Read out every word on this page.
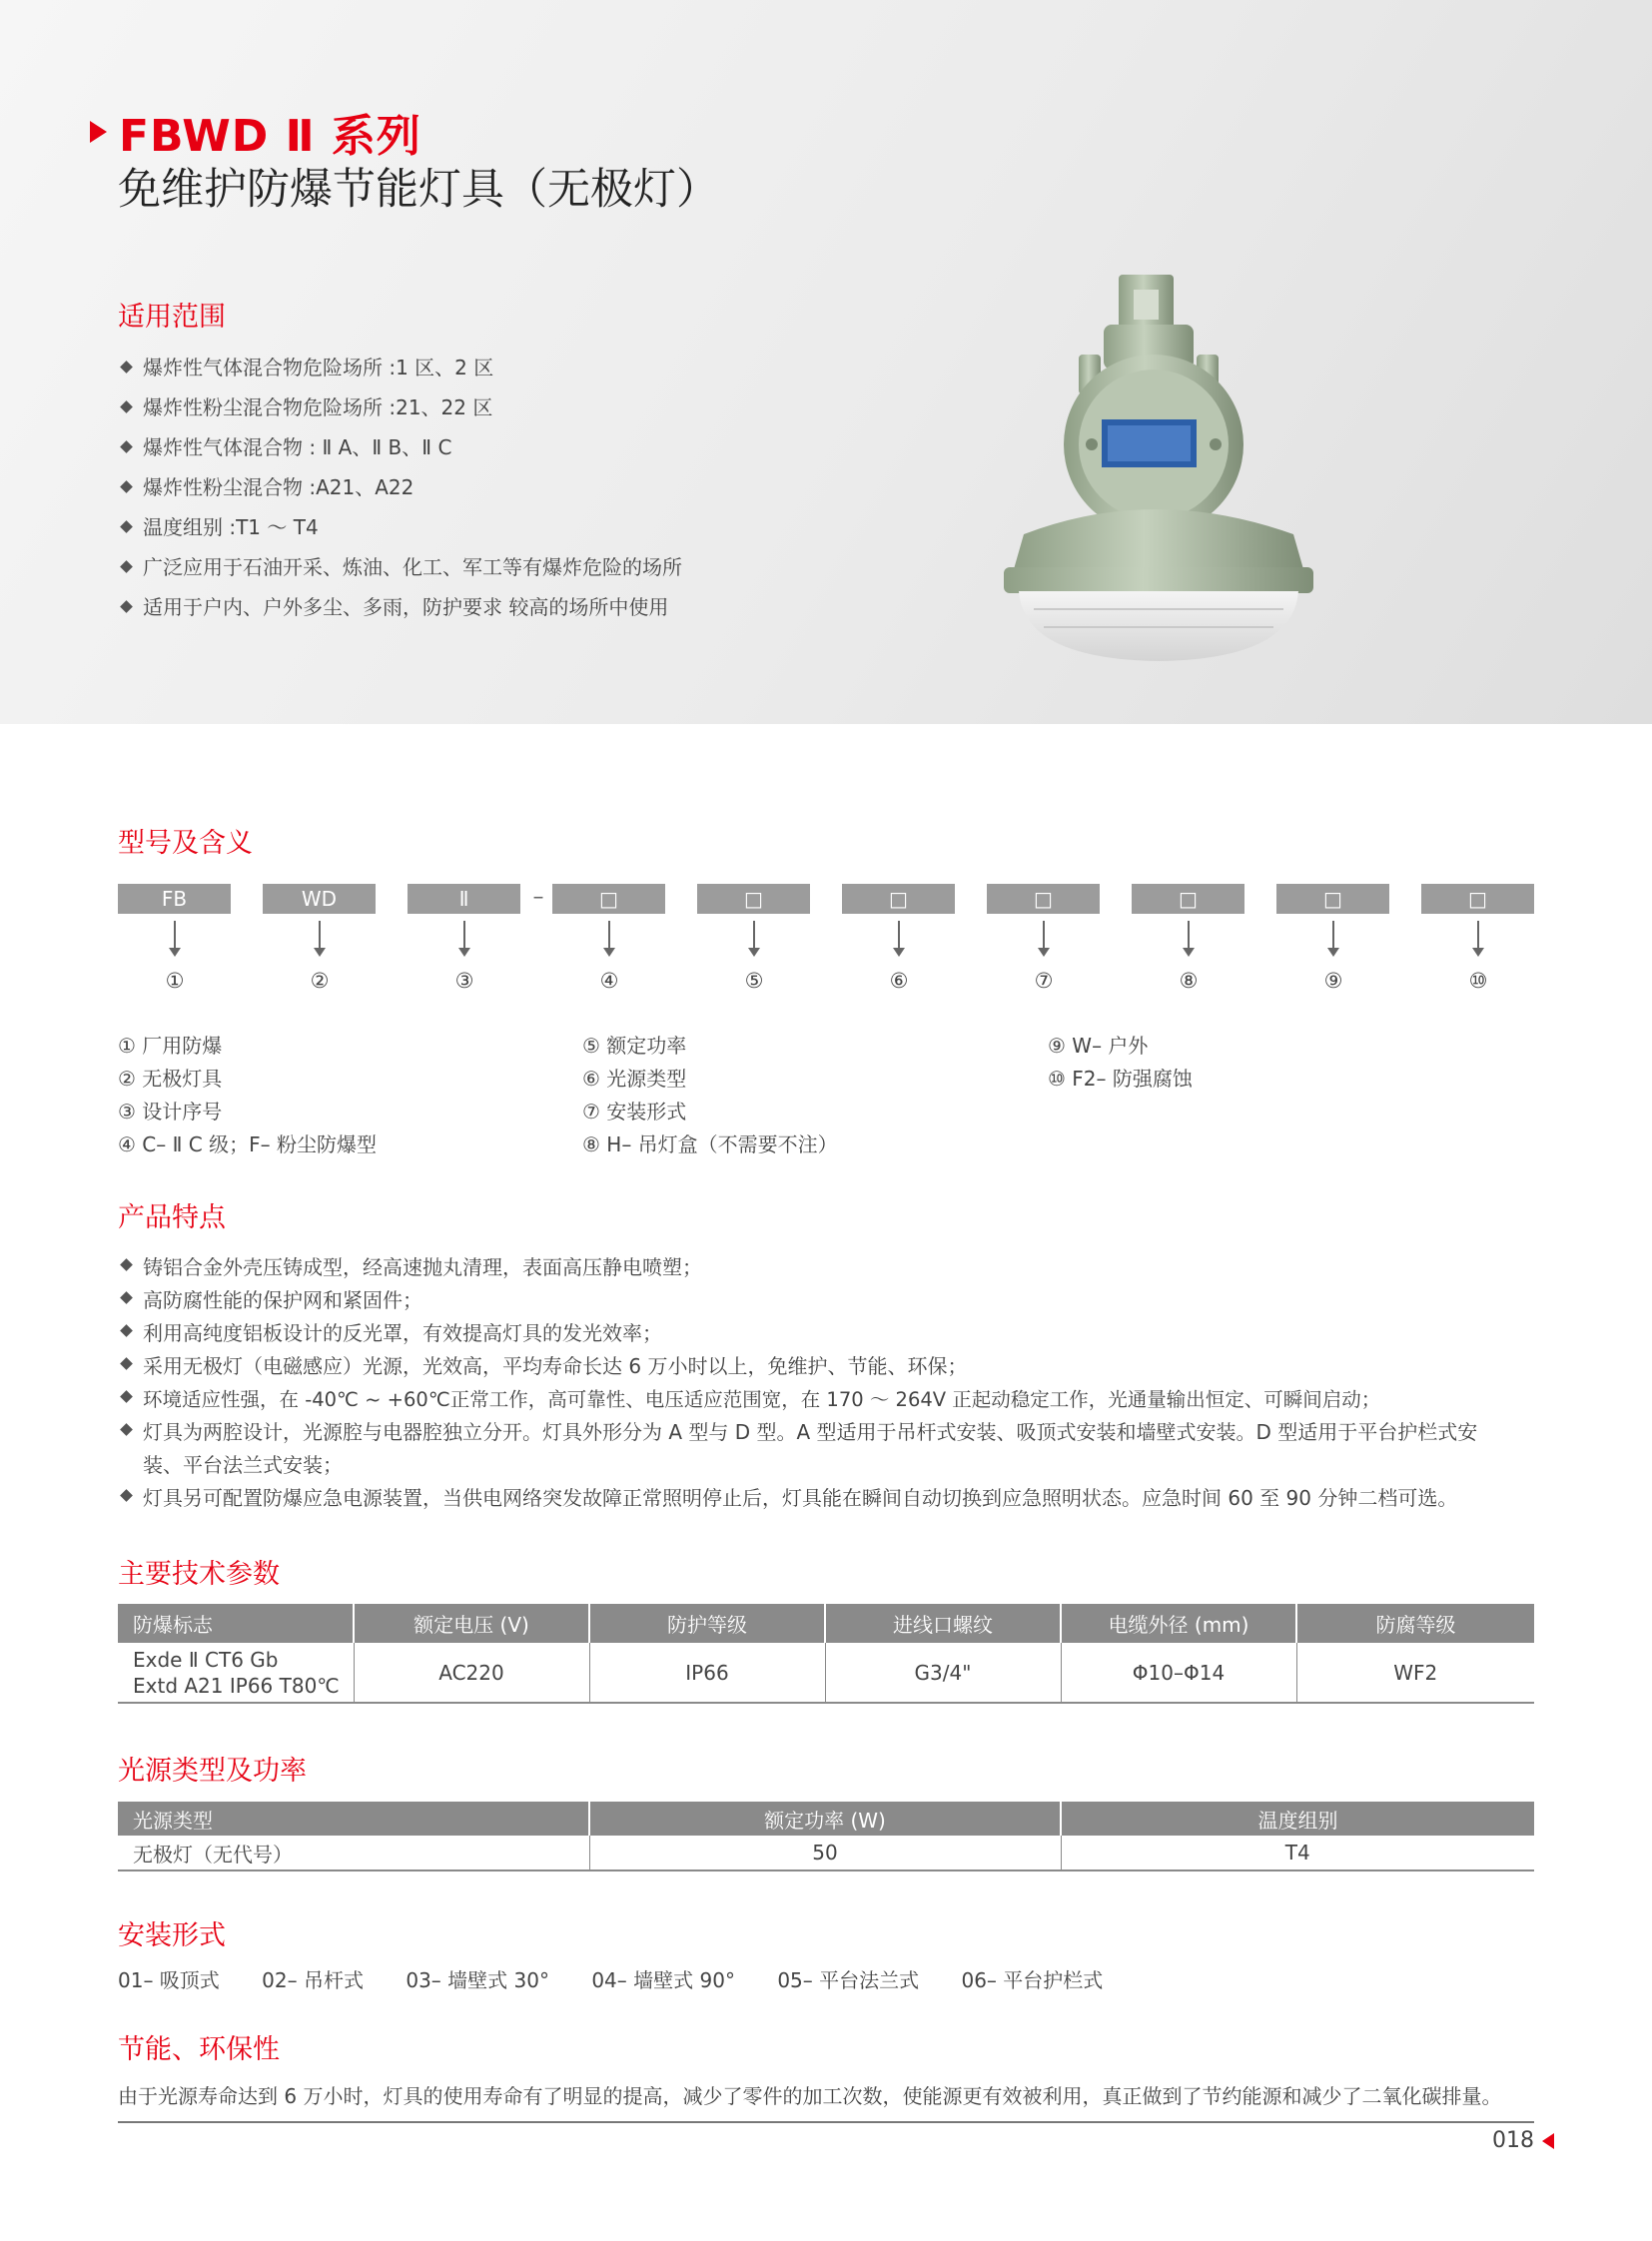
FBWD Ⅱ 系列
免维护防爆节能灯具（无极灯）
适用范围
爆炸性气体混合物危险场所 :1 区、2 区
爆炸性粉尘混合物危险场所 :21、22 区
爆炸性气体混合物 : Ⅱ A、Ⅱ B、Ⅱ C
爆炸性粉尘混合物 :A21、A22
温度组别 :T1 ～ T4
广泛应用于石油开采、炼油、化工、军工等有爆炸危险的场所
适用于户内、户外多尘、多雨，防护要求 较高的场所中使用
型号及含义
FB	WD	Ⅱ	–	□	□	□	□	□	□	□
①	②	③	④	⑤	⑥	⑦	⑧	⑨	⑩
① 厂用防爆
② 无极灯具
③ 设计序号
④ C– Ⅱ C 级；F– 粉尘防爆型
⑤ 额定功率
⑥ 光源类型
⑦ 安装形式
⑧ H– 吊灯盒（不需要不注）
⑨ W– 户外
⑩ F2– 防强腐蚀
产品特点
铸铝合金外壳压铸成型，经高速抛丸清理，表面高压静电喷塑；
高防腐性能的保护网和紧固件；
利用高纯度铝板设计的反光罩，有效提高灯具的发光效率；
采用无极灯（电磁感应）光源，光效高，平均寿命长达 6 万小时以上，免维护、节能、环保；
环境适应性强，在 -40℃ ~ +60℃正常工作，高可靠性、电压适应范围宽，在 170 ～ 264V 正起动稳定工作，光通量输出恒定、可瞬间启动；
灯具为两腔设计，光源腔与电器腔独立分开。灯具外形分为 A 型与 D 型。A 型适用于吊杆式安装、吸顶式安装和墙壁式安装。D 型适用于平台护栏式安
装、平台法兰式安装；
灯具另可配置防爆应急电源装置，当供电网络突发故障正常照明停止后，灯具能在瞬间自动切换到应急照明状态。应急时间 60 至 90 分钟二档可选。
主要技术参数
防爆标志	额定电压 (V)	防护等级	进线口螺纹	电缆外径 (mm)	防腐等级

Exde Ⅱ CT6 Gb
Extd A21 IP66 T80℃	AC220	IP66	G3/4"	Φ10–Φ14	WF2
光源类型及功率
光源类型	额定功率 (W)	温度组别
无极灯（无代号）	50	T4
安装形式
01– 吸顶式 02– 吊杆式 03– 墙壁式 30° 04– 墙壁式 90° 05– 平台法兰式 06– 平台护栏式
节能、环保性
由于光源寿命达到 6 万小时，灯具的使用寿命有了明显的提高，减少了零件的加工次数，使能源更有效被利用，真正做到了节约能源和减少了二氧化碳排量。
018
